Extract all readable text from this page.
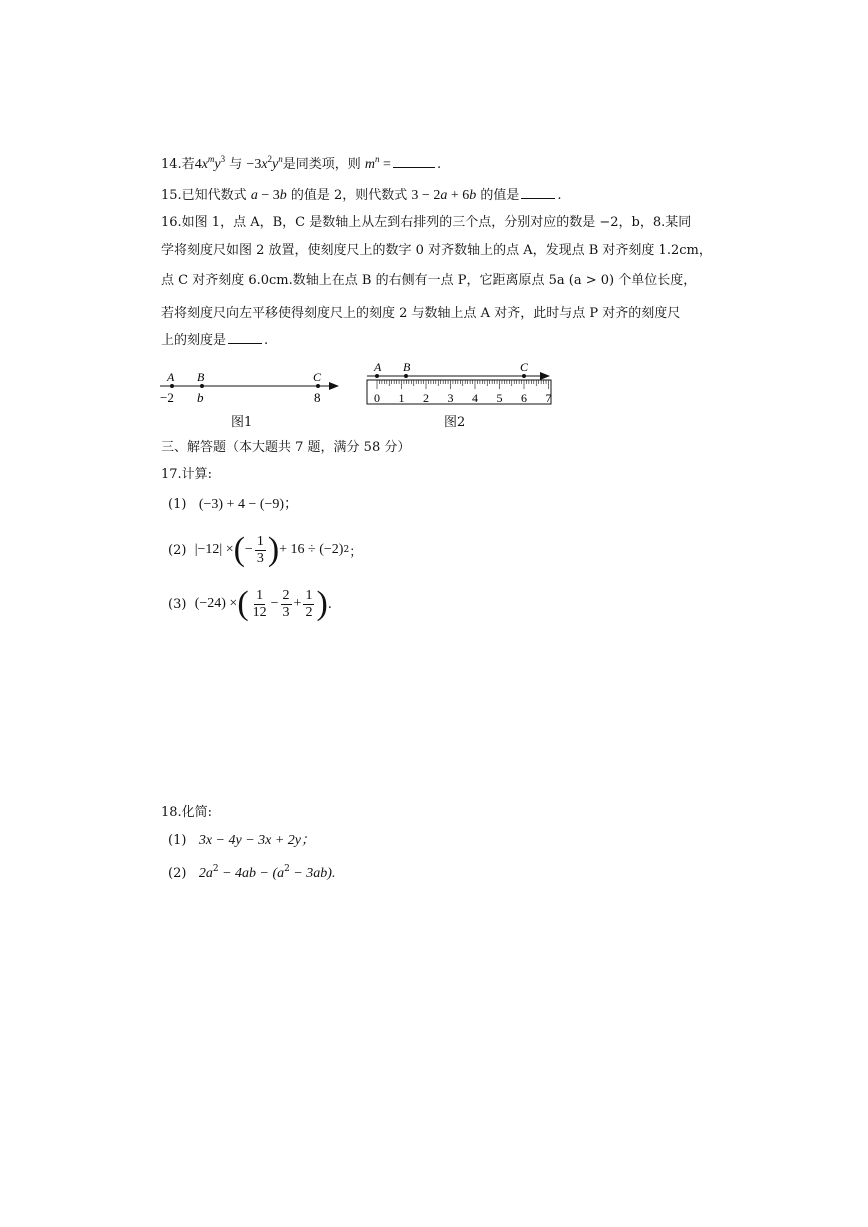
14.若$4x^my^3$ 与 $-3x^2y^n$是同类项，则 $m^n$ =	.
15.已知代数式 a − 3b 的值是 2，则代数式 3 − 2a + 6b 的值是	.
16.如图 1，点 A，B，C 是数轴上从左到右排列的三个点，分别对应的数是 −2，b，8.某同
学将刻度尺如图 2 放置，使刻度尺上的数字 0 对齐数轴上的点 A，发现点 B 对齐刻度 1.2cm，
点 C 对齐刻度 6.0cm.数轴上在点 B 的右侧有一点 P，它距离原点 5a (a > 0) 个单位长度，
若将刻度尺向左平移使得刻度尺上的刻度 2 与数轴上点 A 对齐，此时与点 P 对齐的刻度尺
上的刻度是	.
A B	C
−2 b	8
图1
0 1 2 3 4 5 6 7
A B	C
图2
三、解答题（本大题共 7 题，满分 58 分）
17.计算:
(1) (−3) + 4 − (−9)；
(2)
|−12| × ( − $\frac{1}{3}$ ) + 16 ÷ (−2) 2 ；
(3)
(−24) × ( $\frac{1}{12} - \frac{2}{3} + \frac{1}{2}$ ) .
18.化简:
(1) 3x − 4y − 3x + 2y；
(2) $2a^2 - 4ab - (a^2 - 3ab)$.
